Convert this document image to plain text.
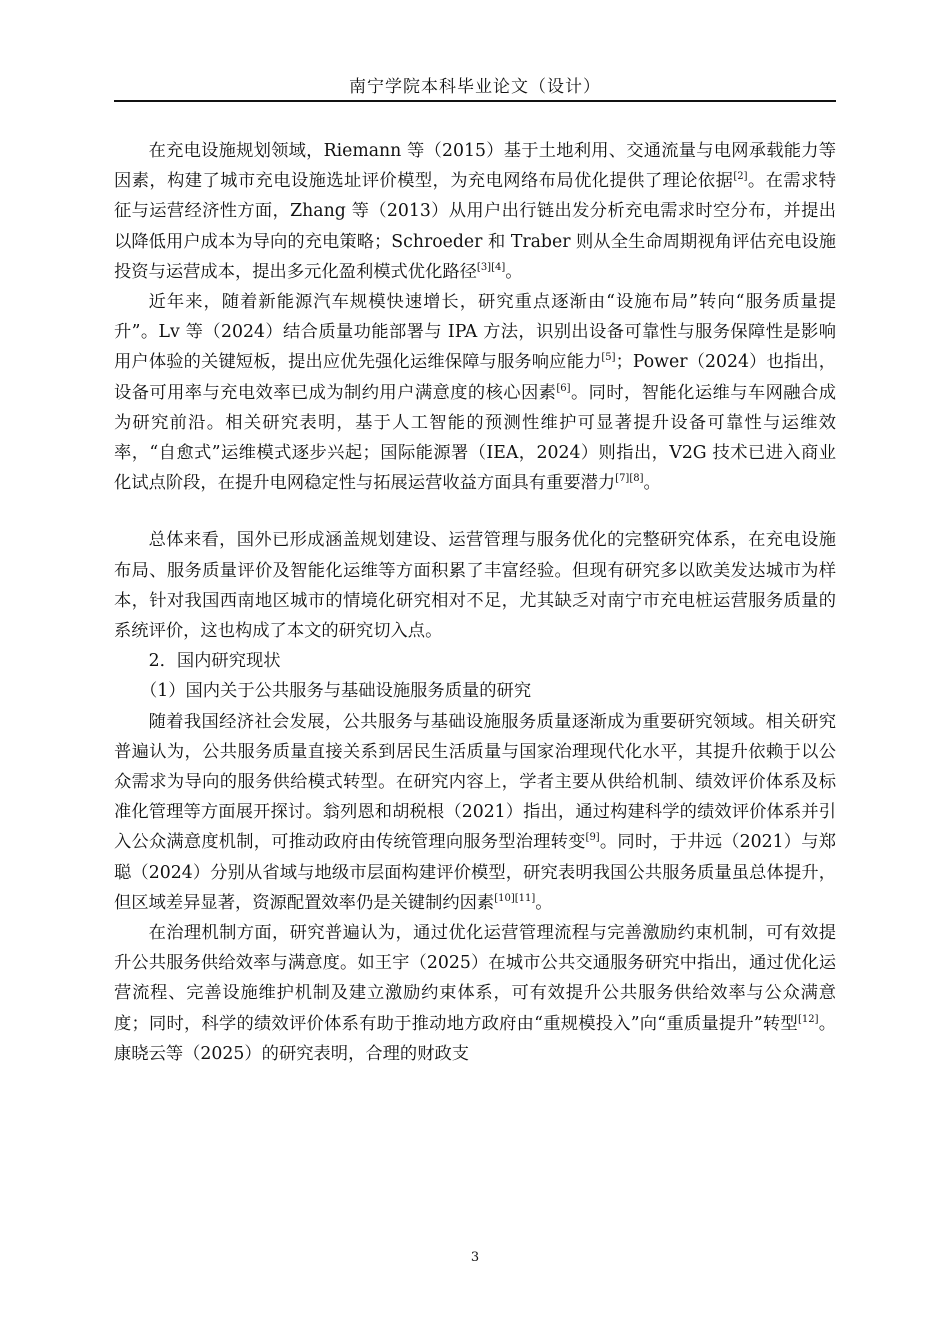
南宁学院本科毕业论文（设计）

在充电设施规划领域，Riemann 等（2015）基于土地利用、交通流量与电网承载能力等因素，构建了城市充电设施选址评价模型，为充电网络布局优化提供了理论依据[2]。在需求特征与运营经济性方面，Zhang 等（2013）从用户出行链出发分析充电需求时空分布，并提出以降低用户成本为导向的充电策略；Schroeder 和 Traber 则从全生命周期视角评估充电设施投资与运营成本，提出多元化盈利模式优化路径[3][4]。

近年来，随着新能源汽车规模快速增长，研究重点逐渐由“设施布局”转向“服务质量提升”。Lv 等（2024）结合质量功能部署与 IPA 方法，识别出设备可靠性与服务保障性是影响用户体验的关键短板，提出应优先强化运维保障与服务响应能力[5]；Power（2024）也指出，设备可用率与充电效率已成为制约用户满意度的核心因素[6]。同时，智能化运维与车网融合成为研究前沿。相关研究表明，基于人工智能的预测性维护可显著提升设备可靠性与运维效率，“自愈式”运维模式逐步兴起；国际能源署（IEA，2024）则指出，V2G 技术已进入商业化试点阶段，在提升电网稳定性与拓展运营收益方面具有重要潜力[7][8]。

总体来看，国外已形成涵盖规划建设、运营管理与服务优化的完整研究体系，在充电设施布局、服务质量评价及智能化运维等方面积累了丰富经验。但现有研究多以欧美发达城市为样本，针对我国西南地区城市的情境化研究相对不足，尤其缺乏对南宁市充电桩运营服务质量的系统评价，这也构成了本文的研究切入点。

2．国内研究现状

（1）国内关于公共服务与基础设施服务质量的研究

随着我国经济社会发展，公共服务与基础设施服务质量逐渐成为重要研究领域。相关研究普遍认为，公共服务质量直接关系到居民生活质量与国家治理现代化水平，其提升依赖于以公众需求为导向的服务供给模式转型。在研究内容上，学者主要从供给机制、绩效评价体系及标准化管理等方面展开探讨。翁列恩和胡税根（2021）指出，通过构建科学的绩效评价体系并引入公众满意度机制，可推动政府由传统管理向服务型治理转变[9]。同时，于井远（2021）与郑聪（2024）分别从省域与地级市层面构建评价模型，研究表明我国公共服务质量虽总体提升，但区域差异显著，资源配置效率仍是关键制约因素[10][11]。

在治理机制方面，研究普遍认为，通过优化运营管理流程与完善激励约束机制，可有效提升公共服务供给效率与满意度。如王宇（2025）在城市公共交通服务研究中指出，通过优化运营流程、完善设施维护机制及建立激励约束体系，可有效提升公共服务供给效率与公众满意度；同时，科学的绩效评价体系有助于推动地方政府由“重规模投入”向“重质量提升”转型[12]。康晓云等（2025）的研究表明，合理的财政支

3
